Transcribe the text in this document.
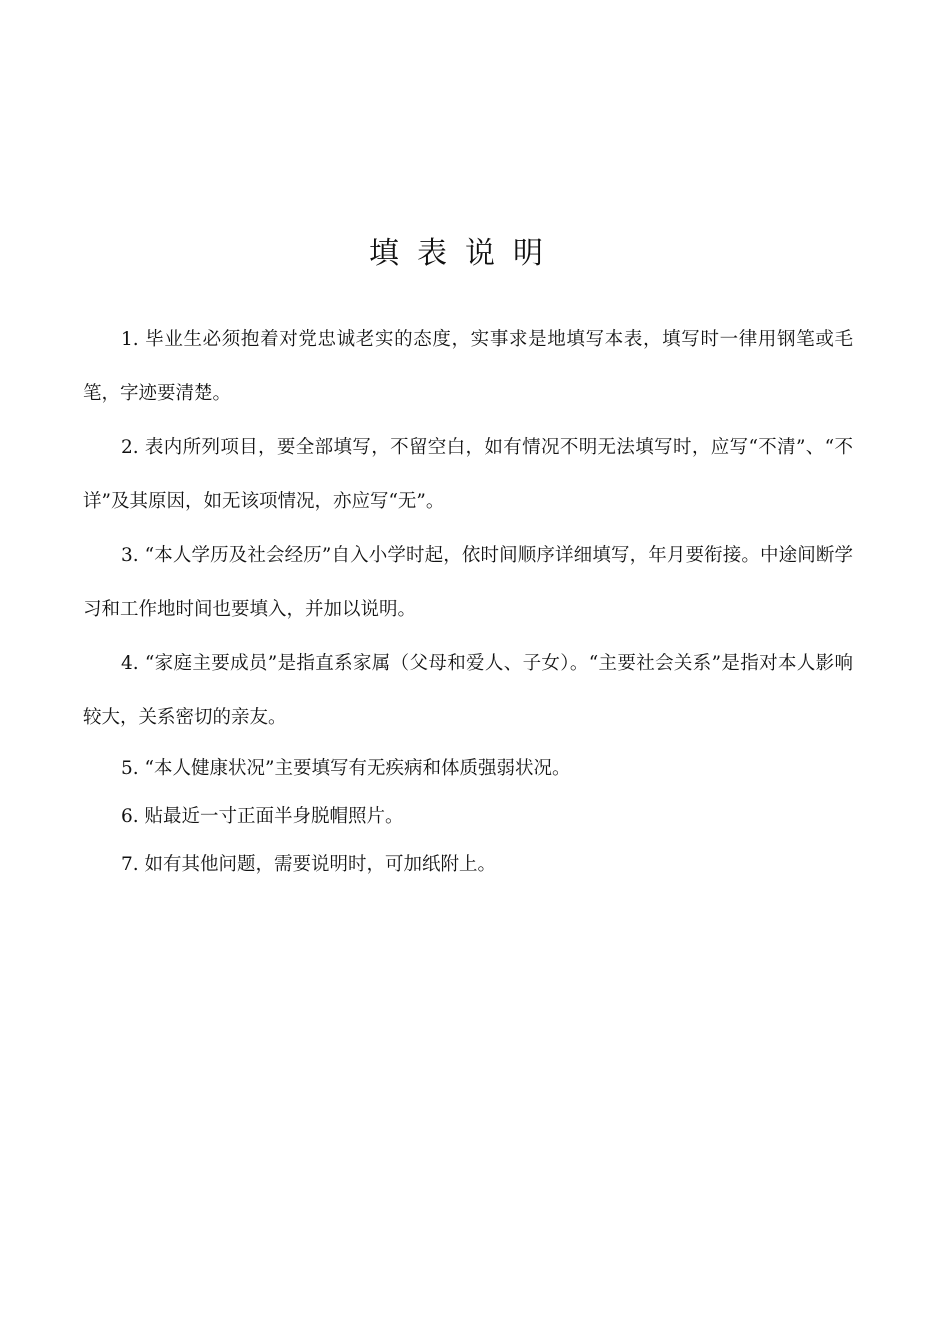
填表说明
1. 毕业生必须抱着对党忠诚老实的态度，实事求是地填写本表，填写时一律用钢笔或毛笔，字迹要清楚。
2. 表内所列项目，要全部填写，不留空白，如有情况不明无法填写时，应写“不清”、“不详”及其原因，如无该项情况，亦应写“无”。
3. “本人学历及社会经历”自入小学时起，依时间顺序详细填写，年月要衔接。中途间断学习和工作地时间也要填入，并加以说明。
4. “家庭主要成员”是指直系家属（父母和爱人、子女）。“主要社会关系”是指对本人影响较大，关系密切的亲友。
5. “本人健康状况”主要填写有无疾病和体质强弱状况。
6. 贴最近一寸正面半身脱帽照片。
7. 如有其他问题，需要说明时，可加纸附上。
